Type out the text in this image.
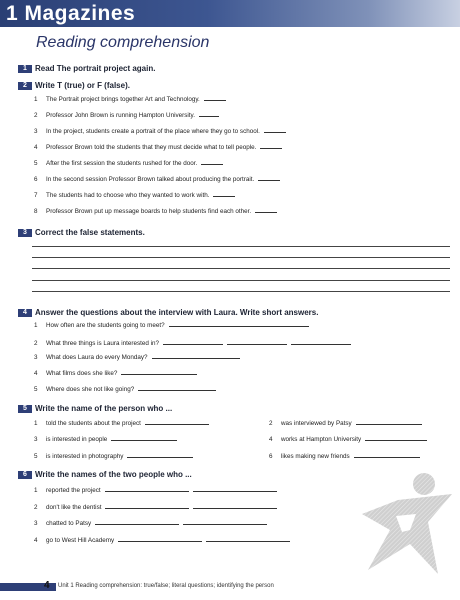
1 Magazines
Reading comprehension
1 Read The portrait project again.
2 Write T (true) or F (false).
1 The Portrait project brings together Art and Technology.
2 Professor John Brown is running Hampton University.
3 In the project, students create a portrait of the place where they go to school.
4 Professor Brown told the students that they must decide what to tell people.
5 After the first session the students rushed for the door.
6 In the second session Professor Brown talked about producing the portrait.
7 The students had to choose who they wanted to work with.
8 Professor Brown put up message boards to help students find each other.
3 Correct the false statements.
4 Answer the questions about the interview with Laura. Write short answers.
1 How often are the students going to meet?
2 What three things is Laura interested in?
3 What does Laura do every Monday?
4 What films does she like?
5 Where does she not like going?
5 Write the name of the person who ...
1 told the students about the project
3 is interested in people
5 is interested in photography
2 was interviewed by Patsy
4 works at Hampton University
6 likes making new friends
6 Write the names of the two people who ...
1 reported the project
2 don't like the dentist
3 chatted to Patsy
4 go to West Hill Academy
4 Unit 1 Reading comprehension: true/false; literal questions; identifying the person
